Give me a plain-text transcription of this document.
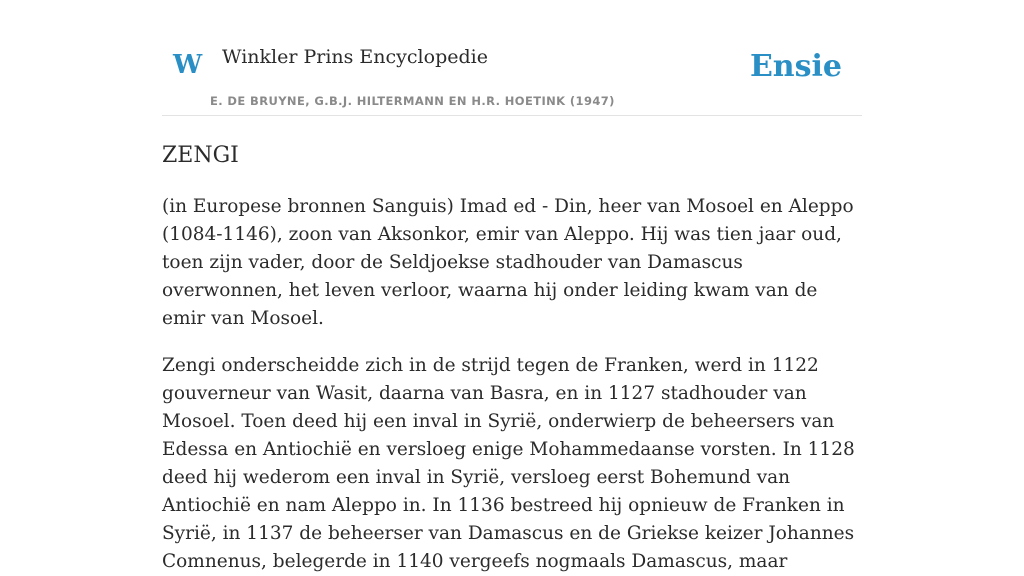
W Winkler Prins Encyclopedie	Ensie
E. DE BRUYNE, G.B.J. HILTERMANN EN H.R. HOETINK (1947)
ZENGI

(in Europese bronnen Sanguis) Imad ed - Din, heer van Mosoel en Aleppo (1084-1146), zoon van Aksonkor, emir van Aleppo. Hij was tien jaar oud, toen zijn vader, door de Seldjoekse stadhouder van Damascus overwonnen, het leven verloor, waarna hij onder leiding kwam van de emir van Mosoel.

Zengi onderscheidde zich in de strijd tegen de Franken, werd in 1122 gouverneur van Wasit, daarna van Basra, en in 1127 stadhouder van Mosoel. Toen deed hij een inval in Syrië, onderwierp de beheersers van Edessa en Antiochië en versloeg enige Mohammedaanse vorsten. In 1128 deed hij wederom een inval in Syrië, versloeg eerst Bohemund van Antiochië en nam Aleppo in. In 1136 bestreed hij opnieuw de Franken in Syrië, in 1137 de beheerser van Damascus en de Griekse keizer Johannes Comnenus, belegerde in 1140 vergeefs nogmaals Damascus, maar
